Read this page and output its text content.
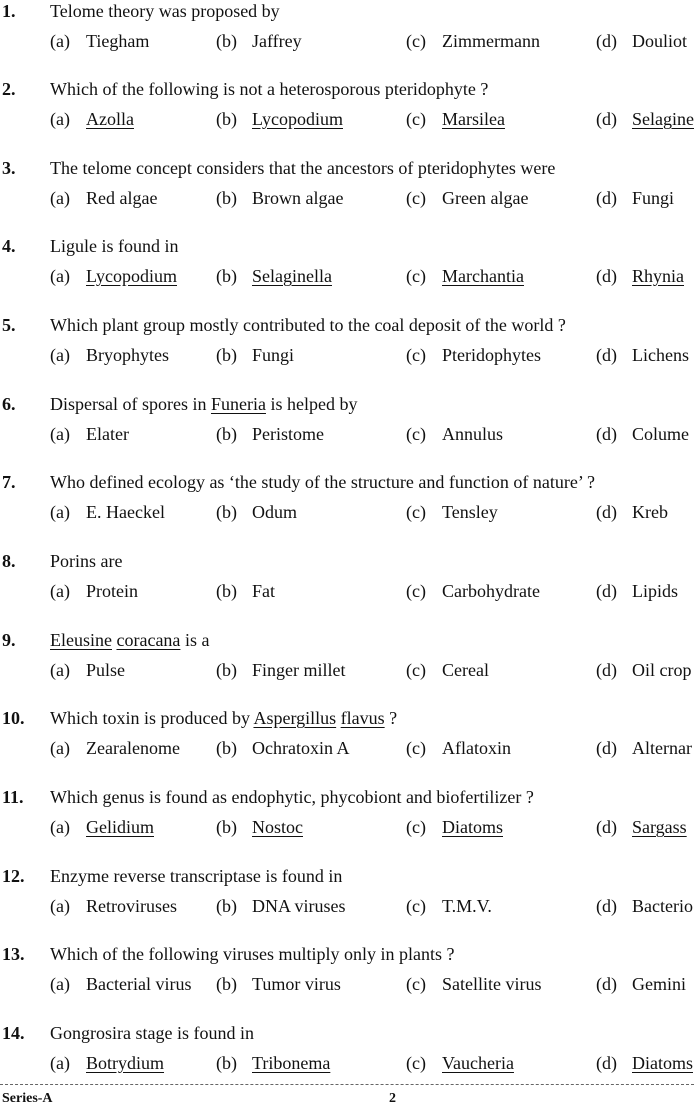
1. Telome theory was proposed by
(a) Tiegham	(b) Jaffrey	(c) Zimmermann	(d) Douliot
2. Which of the following is not a heterosporous pteridophyte ?
(a) Azolla	(b) Lycopodium	(c) Marsilea	(d) Selagine
3. The telome concept considers that the ancestors of pteridophytes were
(a) Red algae	(b) Brown algae	(c) Green algae	(d) Fungi
4. Ligule is found in
(a) Lycopodium (b) Selaginella	(c) Marchantia	(d) Rhynia
5. Which plant group mostly contributed to the coal deposit of the world ?
(a) Bryophytes	(b) Fungi	(c) Pteridophytes	(d) Lichens
6. Dispersal of spores in Funeria is helped by
(a) Elater	(b) Peristome	(c) Annulus	(d) Colume
7. Who defined ecology as ‘the study of the structure and function of nature’ ?
(a) E. Haeckel	(b) Odum	(c) Tensley	(d) Kreb
8. Porins are
(a) Protein	(b) Fat	(c) Carbohydrate	(d) Lipids
9. Eleusine coracana is a
(a) Pulse	(b) Finger millet	(c) Cereal	(d) Oil crop
10. Which toxin is produced by Aspergillus flavus ?
(a) Zearalenome (b) Ochratoxin A	(c) Aflatoxin	(d) Alternar
11. Which genus is found as endophytic, phycobiont and biofertilizer ?
(a) Gelidium	(b) Nostoc	(c) Diatoms	(d) Sargass
12. Enzyme reverse transcriptase is found in
(a) Retroviruses (b) DNA viruses	(c) T.M.V.	(d) Bacterio
13. Which of the following viruses multiply only in plants ?
(a) Bacterial virus (b) Tumor virus	(c) Satellite virus	(d) Gemini
14. Gongrosira stage is found in
(a) Botrydium	(b) Tribonema	(c) Vaucheria	(d) Diatoms
Series-A	2
